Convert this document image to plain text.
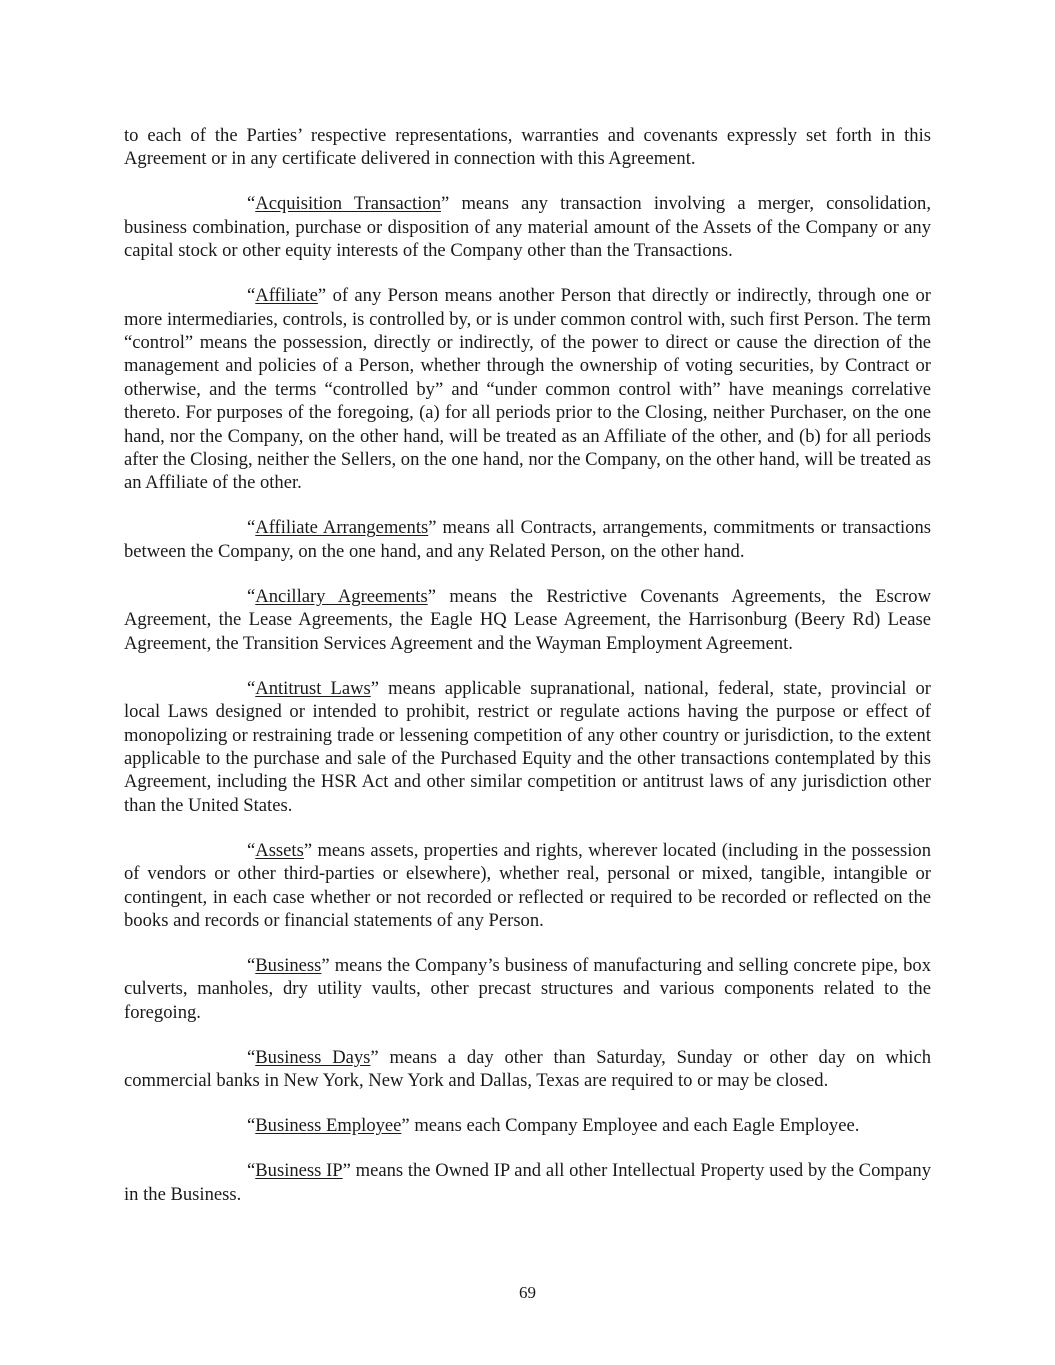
to each of the Parties’ respective representations, warranties and covenants expressly set forth in this Agreement or in any certificate delivered in connection with this Agreement.

“Acquisition Transaction” means any transaction involving a merger, consolidation, business combination, purchase or disposition of any material amount of the Assets of the Company or any capital stock or other equity interests of the Company other than the Transactions.

“Affiliate” of any Person means another Person that directly or indirectly, through one or more intermediaries, controls, is controlled by, or is under common control with, such first Person. The term “control” means the possession, directly or indirectly, of the power to direct or cause the direction of the management and policies of a Person, whether through the ownership of voting securities, by Contract or otherwise, and the terms “controlled by” and “under common control with” have meanings correlative thereto. For purposes of the foregoing, (a) for all periods prior to the Closing, neither Purchaser, on the one hand, nor the Company, on the other hand, will be treated as an Affiliate of the other, and (b) for all periods after the Closing, neither the Sellers, on the one hand, nor the Company, on the other hand, will be treated as an Affiliate of the other.

“Affiliate Arrangements” means all Contracts, arrangements, commitments or transactions between the Company, on the one hand, and any Related Person, on the other hand.

“Ancillary Agreements” means the Restrictive Covenants Agreements, the Escrow Agreement, the Lease Agreements, the Eagle HQ Lease Agreement, the Harrisonburg (Beery Rd) Lease Agreement, the Transition Services Agreement and the Wayman Employment Agreement.

“Antitrust Laws” means applicable supranational, national, federal, state, provincial or local Laws designed or intended to prohibit, restrict or regulate actions having the purpose or effect of monopolizing or restraining trade or lessening competition of any other country or jurisdiction, to the extent applicable to the purchase and sale of the Purchased Equity and the other transactions contemplated by this Agreement, including the HSR Act and other similar competition or antitrust laws of any jurisdiction other than the United States.

“Assets” means assets, properties and rights, wherever located (including in the possession of vendors or other third-parties or elsewhere), whether real, personal or mixed, tangible, intangible or contingent, in each case whether or not recorded or reflected or required to be recorded or reflected on the books and records or financial statements of any Person.

“Business” means the Company’s business of manufacturing and selling concrete pipe, box culverts, manholes, dry utility vaults, other precast structures and various components related to the foregoing.

“Business Days” means a day other than Saturday, Sunday or other day on which commercial banks in New York, New York and Dallas, Texas are required to or may be closed.

“Business Employee” means each Company Employee and each Eagle Employee.

“Business IP” means the Owned IP and all other Intellectual Property used by the Company in the Business.

69
